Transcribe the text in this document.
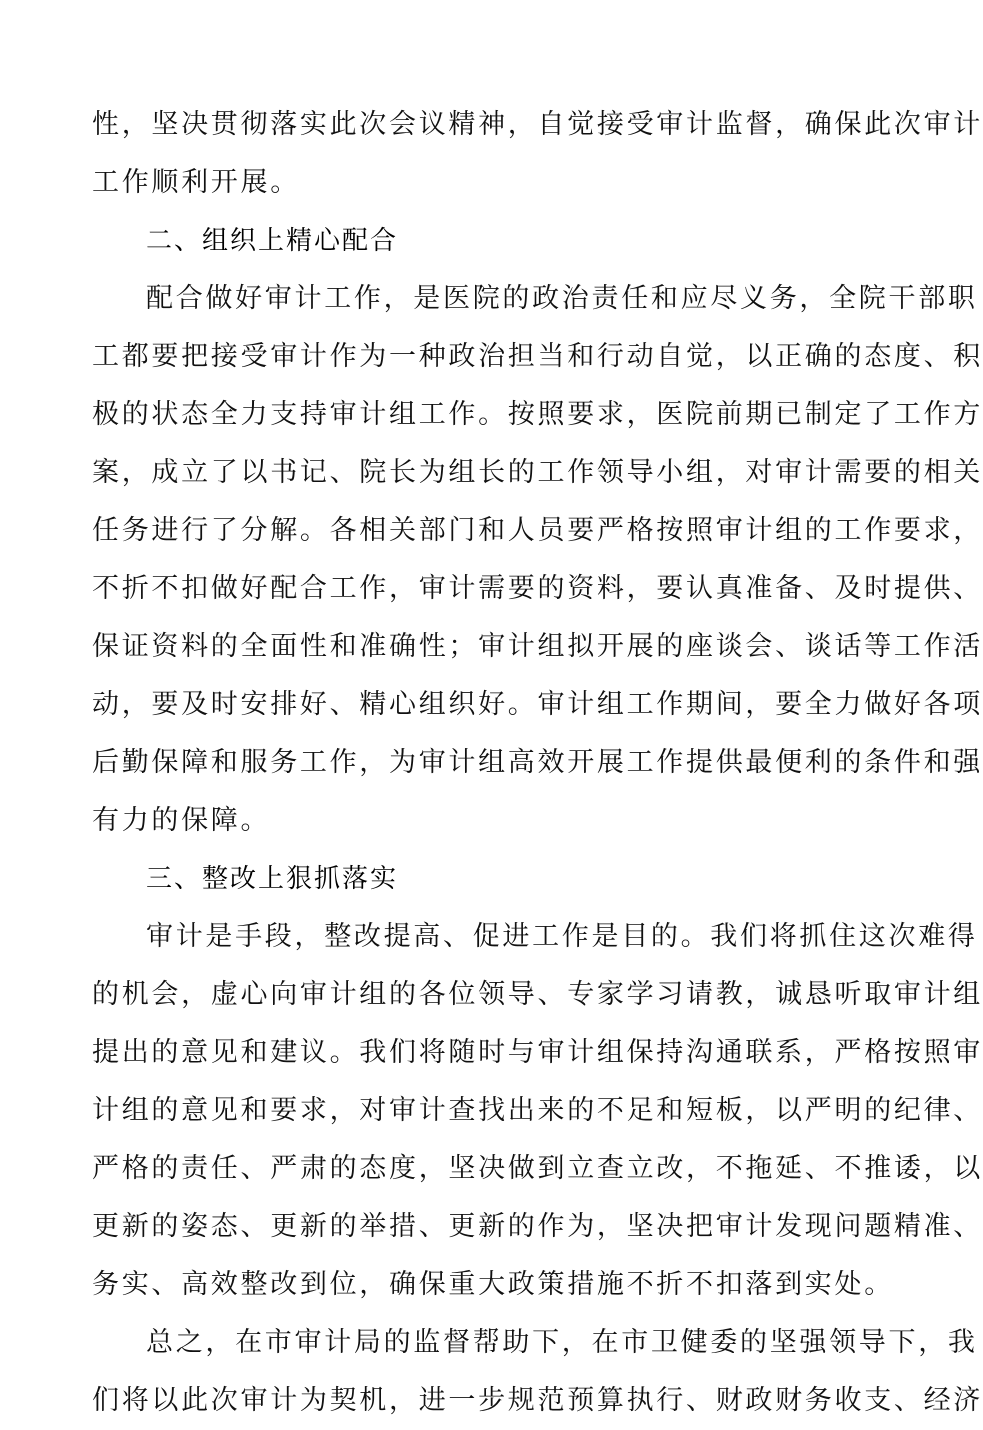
性，坚决贯彻落实此次会议精神，自觉接受审计监督，确保此次审计
工作顺利开展。
二、组织上精心配合
配合做好审计工作，是医院的政治责任和应尽义务，全院干部职
工都要把接受审计作为一种政治担当和行动自觉，以正确的态度、积
极的状态全力支持审计组工作。按照要求，医院前期已制定了工作方
案，成立了以书记、院长为组长的工作领导小组，对审计需要的相关
任务进行了分解。各相关部门和人员要严格按照审计组的工作要求，
不折不扣做好配合工作，审计需要的资料，要认真准备、及时提供、
保证资料的全面性和准确性；审计组拟开展的座谈会、谈话等工作活
动，要及时安排好、精心组织好。审计组工作期间，要全力做好各项
后勤保障和服务工作，为审计组高效开展工作提供最便利的条件和强
有力的保障。
三、整改上狠抓落实
审计是手段，整改提高、促进工作是目的。我们将抓住这次难得
的机会，虚心向审计组的各位领导、专家学习请教，诚恳听取审计组
提出的意见和建议。我们将随时与审计组保持沟通联系，严格按照审
计组的意见和要求，对审计查找出来的不足和短板，以严明的纪律、
严格的责任、严肃的态度，坚决做到立查立改，不拖延、不推诿，以
更新的姿态、更新的举措、更新的作为，坚决把审计发现问题精准、
务实、高效整改到位，确保重大政策措施不折不扣落到实处。
总之，在市审计局的监督帮助下，在市卫健委的坚强领导下，我
们将以此次审计为契机，进一步规范预算执行、财政财务收支、经济
